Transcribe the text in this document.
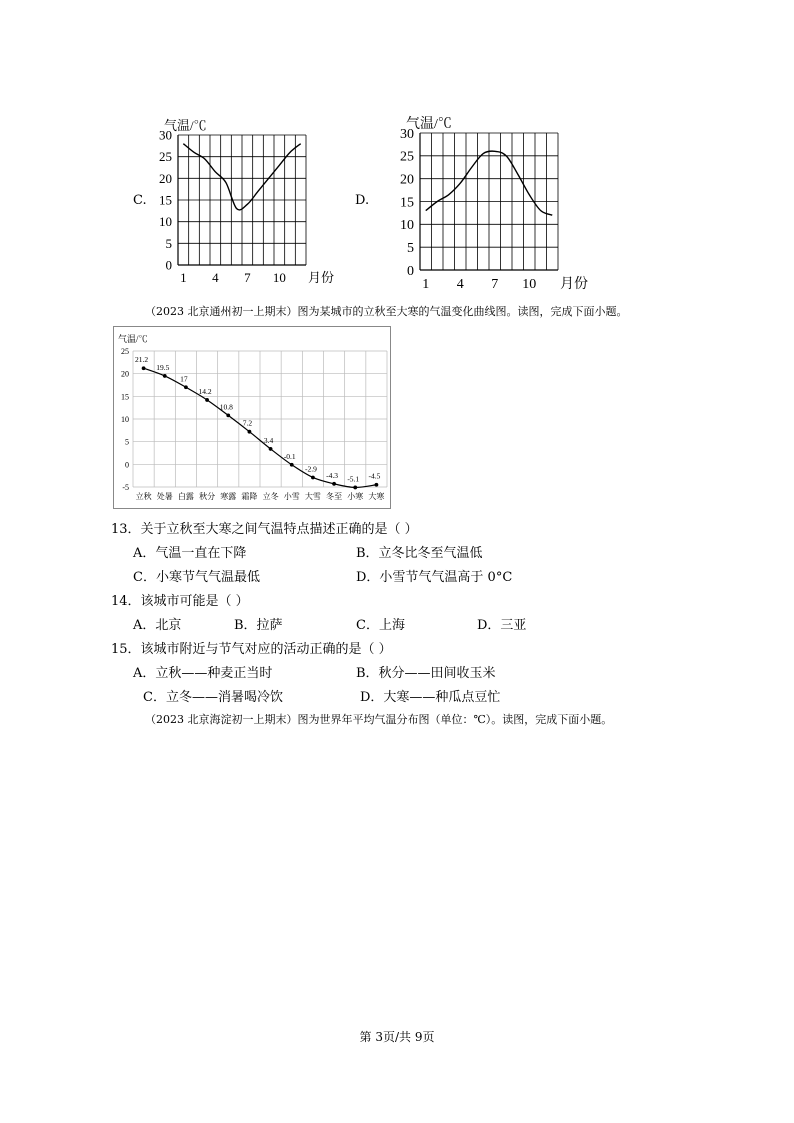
C.
0
5
10
15
20
25
30
1 4 7 10
气温/℃
月份
D.
0
5
10
15
20
25
30
1 4 7 10
气温/℃
月份
（2023 北京通州初一上期末）图为某城市的立秋至大寒的气温变化曲线图。读图，完成下面小题。
25
20
15
10
5
0
-5
气温/℃
立秋 处暑 白露 秋分 寒露 霜降 立冬 小雪 大雪 冬至 小寒 大寒
21.2
19.5
17
14.2
10.8
7.2
3.4
-0.1
-2.9
-4.3 -5.1 -4.5
13．关于立秋至大寒之间气温特点描述正确的是（ ）
A．气温一直在下降	B．立冬比冬至气温低
C．小寒节气气温最低	D．小雪节气气温高于 0°C
14．该城市可能是（ ）
A．北京	B．拉萨	C．上海	D．三亚
15．该城市附近与节气对应的活动正确的是（ ）
A．立秋——种麦正当时	B．秋分——田间收玉米
C．立冬——消暑喝冷饮	D．大寒——种瓜点豆忙
（2023 北京海淀初一上期末）图为世界年平均气温分布图（单位：℃）。读图，完成下面小题。
第 3页/共 9页
